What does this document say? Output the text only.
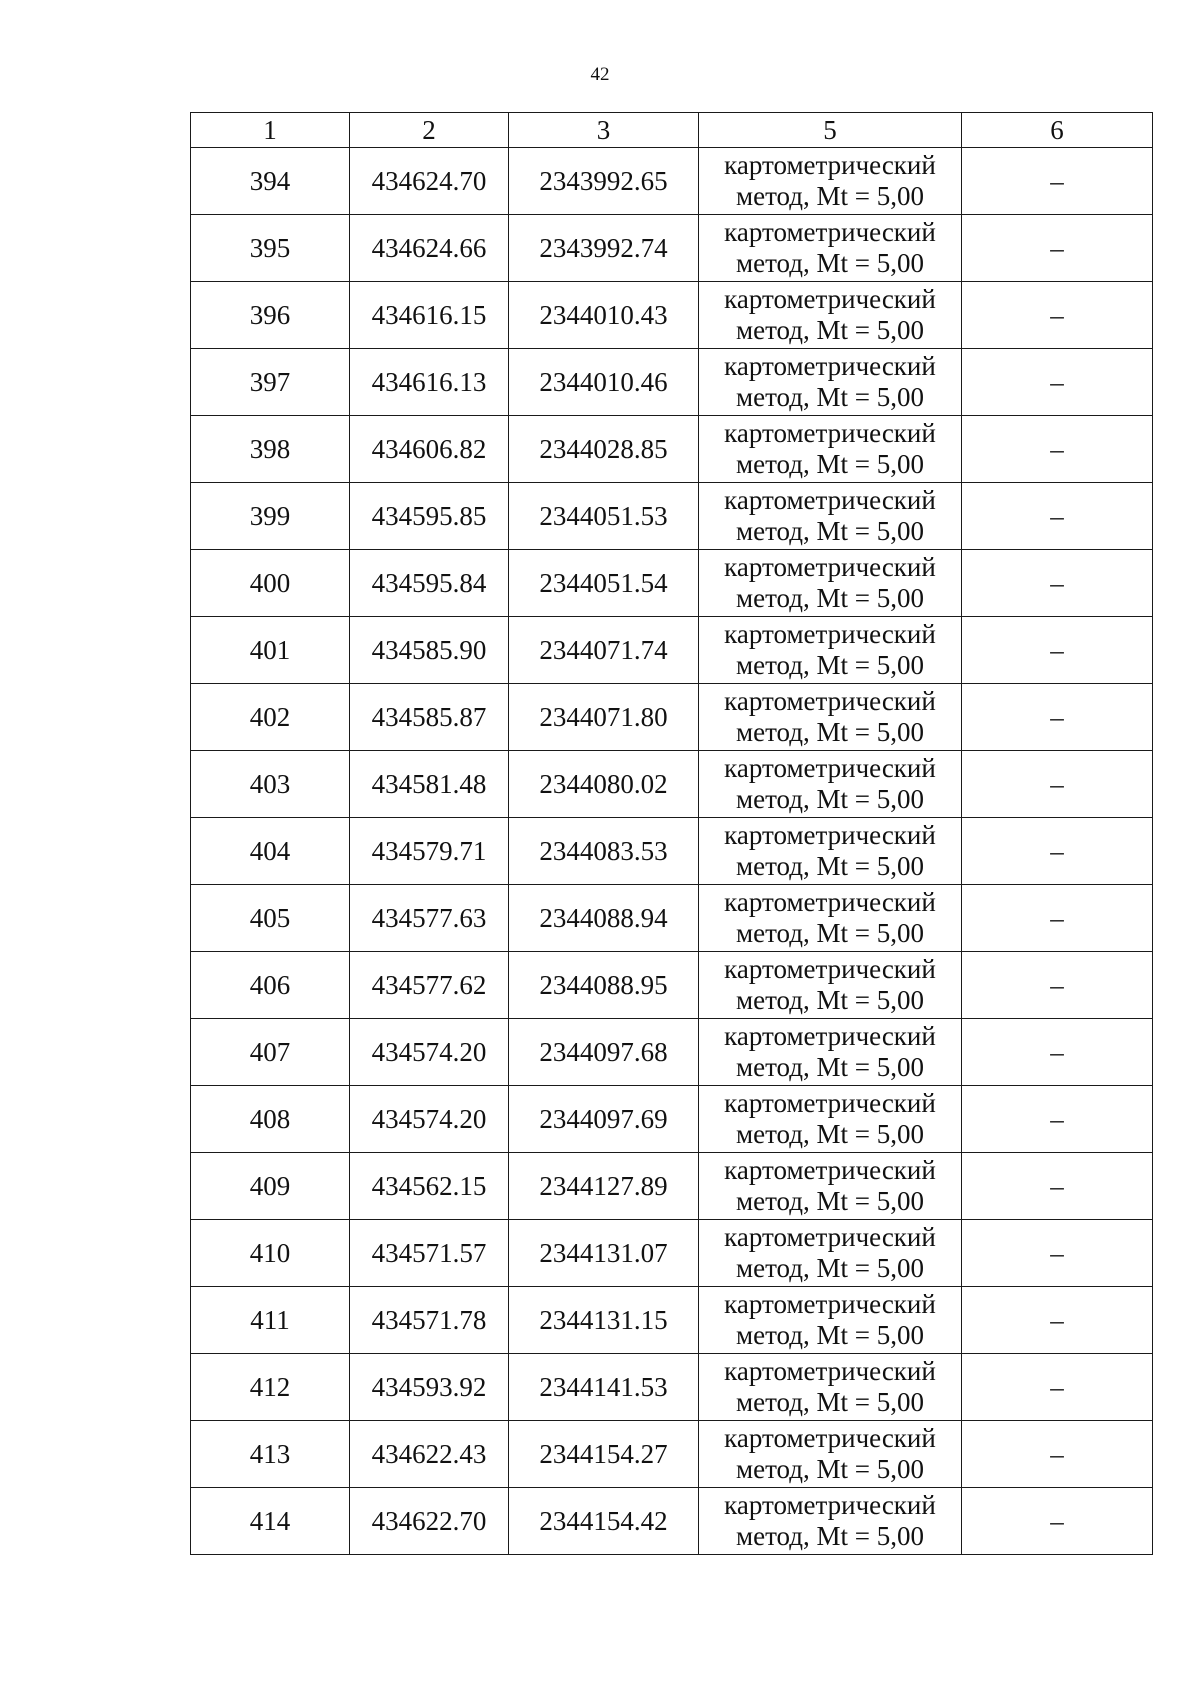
42
1	2	3	5	6
394	434624.70	2343992.65	картометрический
метод, Mt = 5,00	–
395	434624.66	2343992.74	картометрический
метод, Mt = 5,00	–
396	434616.15	2344010.43	картометрический
метод, Mt = 5,00	–
397	434616.13	2344010.46	картометрический
метод, Mt = 5,00	–
398	434606.82	2344028.85	картометрический
метод, Mt = 5,00	–
399	434595.85	2344051.53	картометрический
метод, Mt = 5,00	–
400	434595.84	2344051.54	картометрический
метод, Mt = 5,00	–
401	434585.90	2344071.74	картометрический
метод, Mt = 5,00	–
402	434585.87	2344071.80	картометрический
метод, Mt = 5,00	–
403	434581.48	2344080.02	картометрический
метод, Mt = 5,00	–
404	434579.71	2344083.53	картометрический
метод, Mt = 5,00	–
405	434577.63	2344088.94	картометрический
метод, Mt = 5,00	–
406	434577.62	2344088.95	картометрический
метод, Mt = 5,00	–
407	434574.20	2344097.68	картометрический
метод, Mt = 5,00	–
408	434574.20	2344097.69	картометрический
метод, Mt = 5,00	–
409	434562.15	2344127.89	картометрический
метод, Mt = 5,00	–
410	434571.57	2344131.07	картометрический
метод, Mt = 5,00	–
411	434571.78	2344131.15	картометрический
метод, Mt = 5,00	–
412	434593.92	2344141.53	картометрический
метод, Mt = 5,00	–
413	434622.43	2344154.27	картометрический
метод, Mt = 5,00	–
414	434622.70	2344154.42	картометрический
метод, Mt = 5,00	–
